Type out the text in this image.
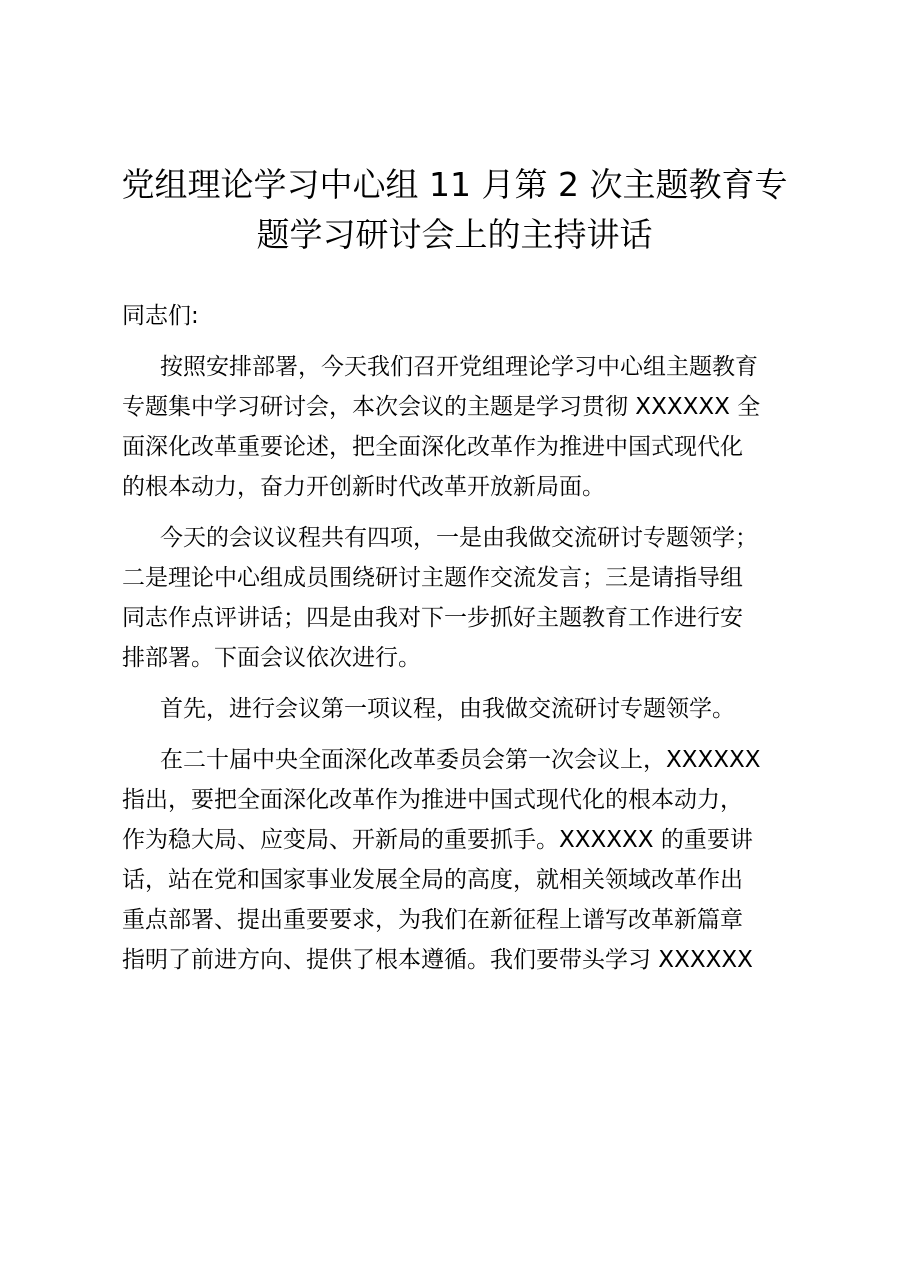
党组理论学习中心组 11 月第 2 次主题教育专
题学习研讨会上的主持讲话
同志们:
按照安排部署，今天我们召开党组理论学习中心组主题教育
专题集中学习研讨会，本次会议的主题是学习贯彻 XXXXXX 全
面深化改革重要论述，把全面深化改革作为推进中国式现代化
的根本动力，奋力开创新时代改革开放新局面。
今天的会议议程共有四项，一是由我做交流研讨专题领学；
二是理论中心组成员围绕研讨主题作交流发言；三是请指导组
同志作点评讲话；四是由我对下一步抓好主题教育工作进行安
排部署。下面会议依次进行。
首先，进行会议第一项议程，由我做交流研讨专题领学。
在二十届中央全面深化改革委员会第一次会议上，XXXXXX
指出，要把全面深化改革作为推进中国式现代化的根本动力，
作为稳大局、应变局、开新局的重要抓手。XXXXXX 的重要讲
话，站在党和国家事业发展全局的高度，就相关领域改革作出
重点部署、提出重要要求，为我们在新征程上谱写改革新篇章
指明了前进方向、提供了根本遵循。我们要带头学习 XXXXXX
